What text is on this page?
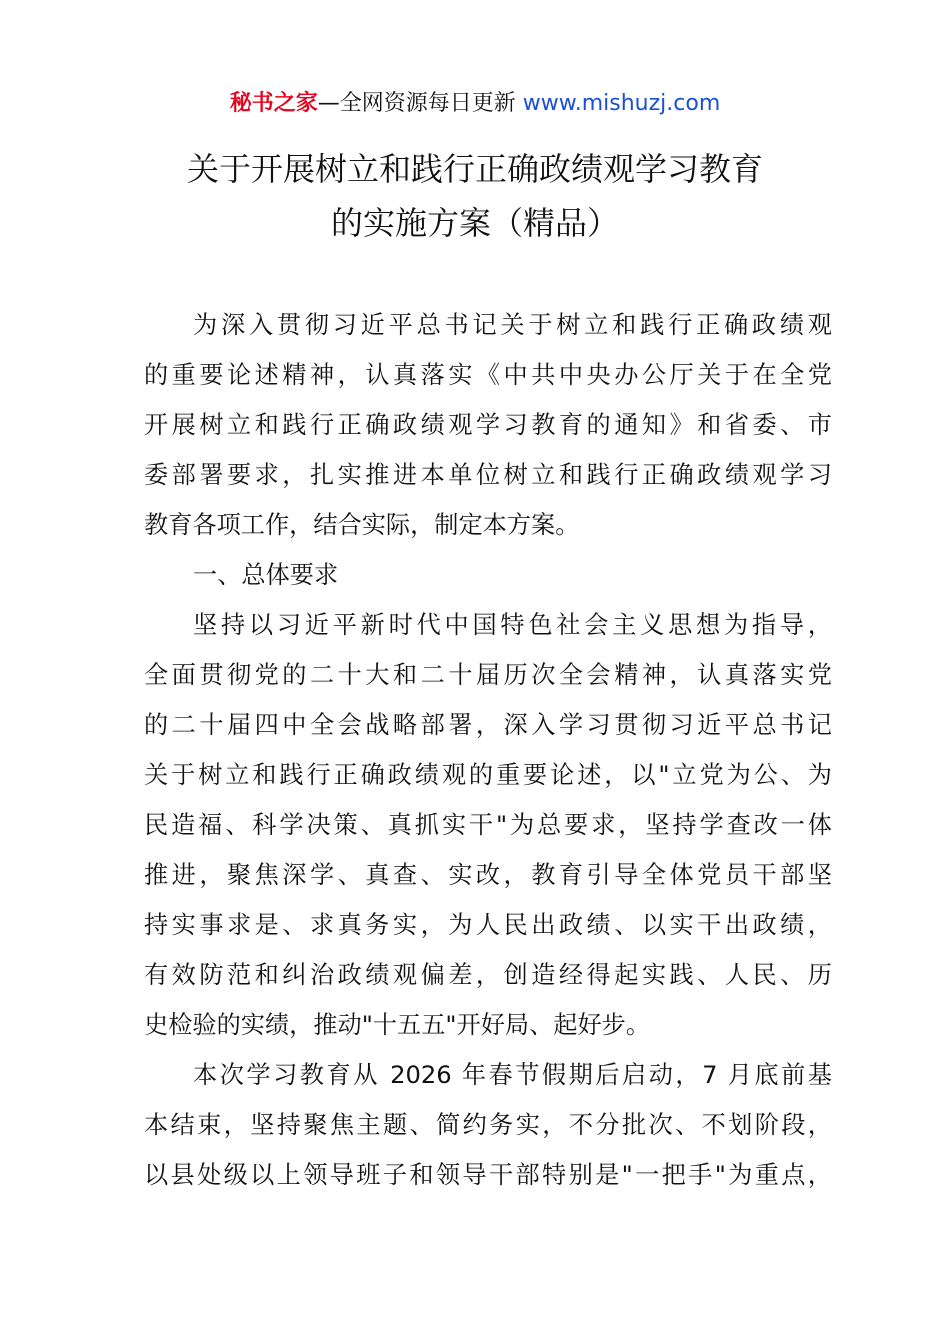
秘书之家—全网资源每日更新 www.mishuzj.com
关于开展树立和践行正确政绩观学习教育
的实施方案（精品）
为深入贯彻习近平总书记关于树立和践行正确政绩观
的重要论述精神，认真落实《中共中央办公厅关于在全党
开展树立和践行正确政绩观学习教育的通知》和省委、市
委部署要求，扎实推进本单位树立和践行正确政绩观学习
教育各项工作，结合实际，制定本方案。
一、总体要求
坚持以习近平新时代中国特色社会主义思想为指导，
全面贯彻党的二十大和二十届历次全会精神，认真落实党
的二十届四中全会战略部署，深入学习贯彻习近平总书记
关于树立和践行正确政绩观的重要论述，以"立党为公、为
民造福、科学决策、真抓实干"为总要求，坚持学查改一体
推进，聚焦深学、真查、实改，教育引导全体党员干部坚
持实事求是、求真务实，为人民出政绩、以实干出政绩，
有效防范和纠治政绩观偏差，创造经得起实践、人民、历
史检验的实绩，推动"十五五"开好局、起好步。
本次学习教育从 2026 年春节假期后启动，7 月底前基
本结束，坚持聚焦主题、简约务实，不分批次、不划阶段，
以县处级以上领导班子和领导干部特别是"一把手"为重点，
